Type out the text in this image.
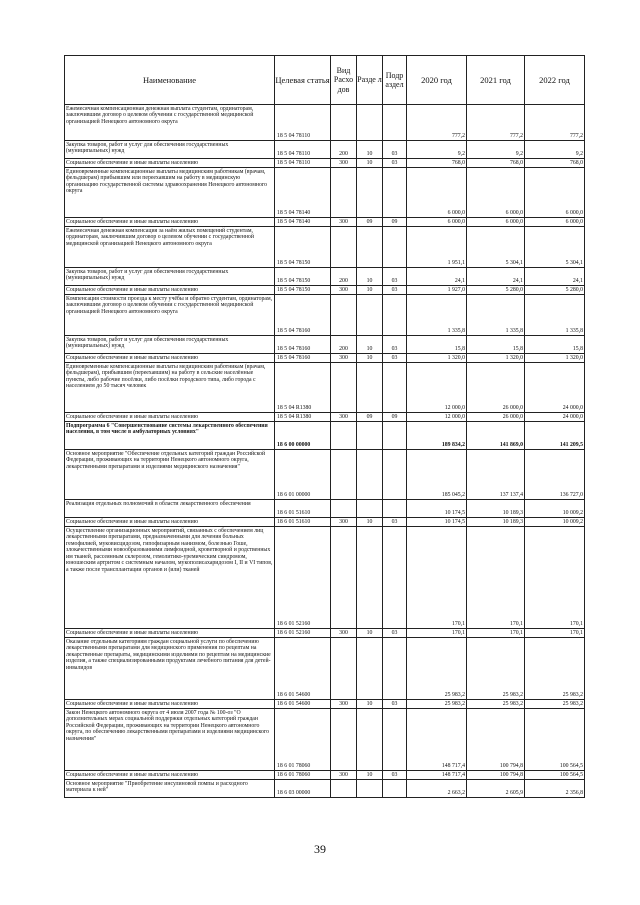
Наименование	Целевая статья	Вид Расхо дов	Разде л	Подр аздел	2020 год	2021 год	2022 год
Ежемесячная компенсационная денежная выплата студентам, ординаторам, заключившим договор о целевом обучении с государственной медицинской организацией Ненецкого автономного округа	18 5 04 78110				777,2	777,2	777,2
Закупка товаров, работ и услуг для обеспечения государственных (муниципальных) нужд	18 5 04 78110	200	10	03	9,2	9,2	9,2
Социальное обеспечение и иные выплаты населению	18 5 04 78110	300	10	03	768,0	768,0	768,0
Единовременные компенсационные выплаты медицинским работникам (врачам, фельдшерам) прибывшим или переехавшим на работу в медицинскую организацию государственной системы здравоохранения Ненецкого автономного округа	18 5 04 78140				6 000,0	6 000,0	6 000,0
Социальное обеспечение и иные выплаты населению	18 5 04 78140	300	09	09	6 000,0	6 000,0	6 000,0
Ежемесячная денежная компенсация за наём жилых помещений студентам, ординаторам, заключившим договор о целевом обучении с государственной медицинской организацией Ненецкого автономного округа	18 5 04 78150				1 951,1	5 304,1	5 304,1
Закупка товаров, работ и услуг для обеспечения государственных (муниципальных) нужд	18 5 04 78150	200	10	03	24,1	24,1	24,1
Социальное обеспечение и иные выплаты населению	18 5 04 78150	300	10	03	1 927,0	5 280,0	5 280,0
Компенсация стоимости проезда к месту учёбы и обратно студентам, ординаторам, заключившим договор о целевом обучении с государственной медицинской организацией Ненецкого автономного округа	18 5 04 78160				1 335,8	1 335,8	1 335,8
Закупка товаров, работ и услуг для обеспечения государственных (муниципальных) нужд	18 5 04 78160	200	10	03	15,8	15,8	15,8
Социальное обеспечение и иные выплаты населению	18 5 04 78160	300	10	03	1 320,0	1 320,0	1 320,0
Единовременные компенсационные выплаты медицинским работникам (врачам, фельдшерам), прибывшим (переехавшим) на работу в сельские населённые пункты, либо рабочие посёлки, либо посёлки городского типа, либо города с населением до 50 тысяч человек	18 5 04 R1380				12 000,0	26 000,0	24 000,0
Социальное обеспечение и иные выплаты населению	18 5 04 R1380	300	09	09	12 000,0	26 000,0	24 000,0
Подпрограмма 6 "Совершенствование системы лекарственного обеспечения населения, в том числе в амбулаторных условиях"	18 6 00 00000				189 834,2	141 869,0	141 209,5
Основное мероприятие "Обеспечение отдельных категорий граждан Российской Федерации, проживающих на территории Ненецкого автономного округа, лекарственными препаратами и изделиями медицинского назначения"	18 6 01 00000				185 045,2	137 137,4	136 727,0
Реализация отдельных полномочий в области лекарственного обеспечения	18 6 01 51610				10 174,5	10 189,3	10 009,2
Социальное обеспечение и иные выплаты населению	18 6 01 51610	300	10	03	10 174,5	10 189,3	10 009,2
Осуществление организационных мероприятий, связанных с обеспечением лиц лекарственными препаратами, предназначенными для лечения больных гемофилией, муковисцидозом, гипофизарным нанизмом, болезнью Гоше, злокачественными новообразованиями лимфоидной, кроветворной и родственных им тканей, рассеянным склерозом, гемолитико-уремическим синдромом, юношеским артритом с системным началом, мукополисахаридозом I, II и VI типов, а также после трансплантации органов и (или) тканей	18 6 01 52160				170,1	170,1	170,1
Социальное обеспечение и иные выплаты населению	18 6 01 52160	300	10	03	170,1	170,1	170,1
Оказание отдельным категориям граждан социальной услуги по обеспечению лекарственными препаратами для медицинского применения по рецептам на лекарственные препараты, медицинскими изделиями по рецептам на медицинские изделия, а также специализированными продуктами лечебного питания для детей-инвалидов	18 6 01 54600				25 983,2	25 983,2	25 983,2
Социальное обеспечение и иные выплаты населению	18 6 01 54600	300	10	03	25 983,2	25 983,2	25 983,2
Закон Ненецкого автономного округа от 4 июля 2007 года № 100-оз "О дополнительных мерах социальной поддержки отдельных категорий граждан Российской Федерации, проживающих на территории Ненецкого автономного округа, по обеспечению лекарственными препаратами и изделиями медицинского назначения"	18 6 01 78060				148 717,4	100 794,8	100 564,5
Социальное обеспечение и иные выплаты населению	18 6 01 78060	300	10	03	148 717,4	100 794,8	100 564,5
Основное мероприятие "Приобретение инсулиновой помпы и расходного материала к ней"	18 6 03 00000				2 663,2	2 605,9	2 356,8
39
